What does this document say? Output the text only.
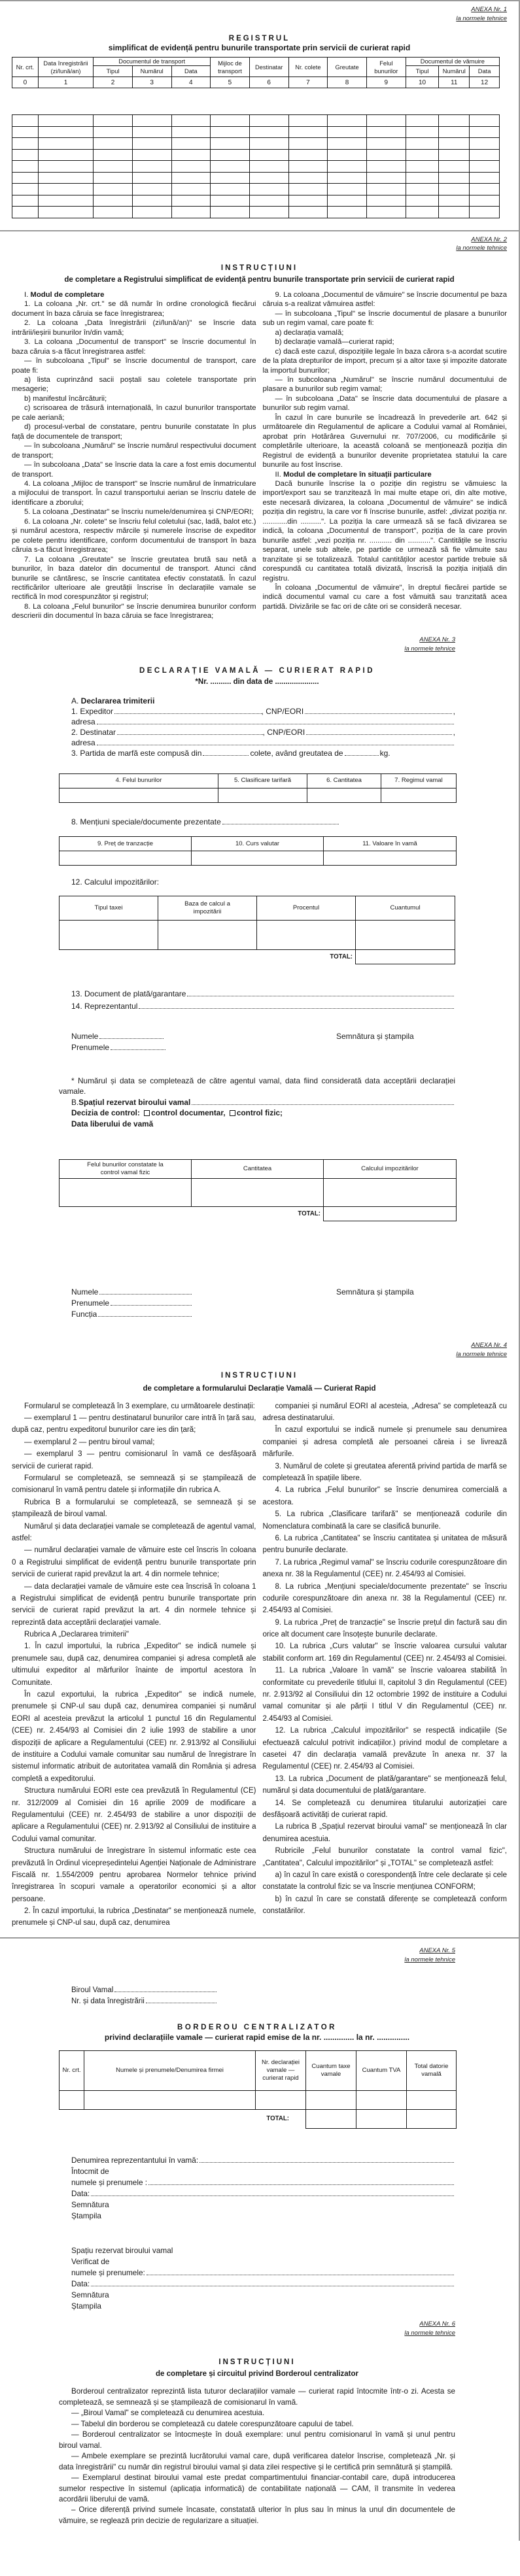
ANEXA Nr. 1
la normele tehnice
REGISTRUL
simplificat de evidență pentru bunurile transportate prin servicii de curierat rapid
Nr. crt.	Data înregistrării (zi/lună/an)	Documentul de transport			Mijloc de transport	Destinatar	Nr. colete	Greutate	Felul bunurilor	Documentul de vămuire		
		Tipul	Numărul	Data						Tipul	Numărul	Data
0	1	2	3	4	5	6	7	8	9	10	11	12

ANEXA Nr. 2
la normele tehnice
INSTRUCȚIUNI
de completare a Registrului simplificat de evidență pentru bunurile transportate prin servicii de curierat rapid

I. Modul de completare

1. La coloana „Nr. crt." se dă număr în ordine cronologică fiecărui document în baza căruia se face înregistrarea;

2. La coloana „Data înregistrării (zi/lună/an)" se înscrie data intrării/ieșirii bunurilor în/din vamă;

3. La coloana „Documentul de transport" se înscrie documentul în baza căruia s-a făcut înregistrarea astfel:

— în subcoloana „Tipul" se înscrie documentul de transport, care poate fi:

a) lista cuprinzând sacii poștali sau coletele transportate prin mesagerie;

b) manifestul încărcăturii;

c) scrisoarea de trăsură internațională, în cazul bunurilor transportate pe cale aeriană;

d) procesul-verbal de constatare, pentru bunurile constatate în plus față de documentele de transport;

— în subcoloana „Numărul" se înscrie numărul respectivului document de transport;

— în subcoloana „Data" se înscrie data la care a fost emis documentul de transport.

4. La coloana „Mijloc de transport" se înscrie numărul de înmatriculare a mijlocului de transport. În cazul transportului aerian se înscriu datele de identificare a zborului;

5. La coloana „Destinatar" se înscriu numele/denumirea și CNP/EORI;

6. La coloana „Nr. colete" se înscriu felul coletului (sac, ladă, balot etc.) și numărul acestora, respectiv mărcile și numerele înscrise de expeditor pe colete pentru identificare, conform documentului de transport în baza căruia s-a făcut înregistrarea;

7. La coloana „Greutate" se înscrie greutatea brută sau netă a bunurilor, în baza datelor din documentul de transport. Atunci când bunurile se cântăresc, se înscrie cantitatea efectiv constatată. În cazul rectificărilor ulterioare ale greutății înscrise în declarațiile vamale se rectifică în mod corespunzător și registrul;

8. La coloana „Felul bunurilor" se înscrie denumirea bunurilor conform descrierii din documentul în baza căruia se face înregistrarea;

9. La coloana „Documentul de vămuire" se înscrie documentul pe baza căruia s-a realizat vămuirea astfel:

— în subcoloana „Tipul" se înscrie documentul de plasare a bunurilor sub un regim vamal, care poate fi:

a) declarația vamală;

b) declarație vamală—curierat rapid;

c) dacă este cazul, dispozițiile legale în baza cărora s-a acordat scutire de la plata drepturilor de import, precum și a altor taxe și impozite datorate la importul bunurilor;

— în subcoloana „Numărul" se înscrie numărul documentului de plasare a bunurilor sub regim vamal;

— în subcoloana „Data" se înscrie data documentului de plasare a bunurilor sub regim vamal.

În cazul în care bunurile se încadrează în prevederile art. 642 și următoarele din Regulamentul de aplicare a Codului vamal al României, aprobat prin Hotărârea Guvernului nr. 707/2006, cu modificările și completările ulterioare, la această coloană se menționează poziția din Registrul de evidență a bunurilor devenite proprietatea statului la care bunurile au fost înscrise.

II. Modul de completare în situații particulare

Dacă bunurile înscrise la o poziție din registru se vămuiesc la import/export sau se tranzitează în mai multe etape ori, din alte motive, este necesară divizarea, la coloana „Documentul de vămuire" se indică poziția din registru, la care vor fi înscrise bunurile, astfel: „divizat poziția nr. ............din ..........". La poziția la care urmează să se facă divizarea se indică, la coloana „Documentul de transport", poziția de la care provin bunurile astfel: „vezi poziția nr. ........... din ...........". Cantitățile se înscriu separat, unele sub altele, pe partide ce urmează să fie vămuite sau tranzitate și se totalizează. Totalul cantităților acestor partide trebuie să corespundă cu cantitatea totală divizată, înscrisă la poziția inițială din registru.

În coloana „Documentul de vămuire", în dreptul fiecărei partide se indică documentul vamal cu care a fost vămuită sau tranzitată acea partidă. Divizările se fac ori de câte ori se consideră necesar.

ANEXA Nr. 3
la normele tehnice
DECLARAȚIE VAMALĂ — CURIERAT RAPID
*Nr. .......... din data de .....................
A. Declararea trimiterii
1. Expeditor	, CNP/EORI	,
adresa
2. Destinatar	, CNP/EORI	,
adresa
3. Partida de marfă este compusă din	colete, având greutatea de	kg.
4. Felul bunurilor	5. Clasificare tarifară	6. Cantitatea	7. Regimul vamal

8. Mențiuni speciale/documente prezentate
9. Preț de tranzacție	10. Curs valutar	11. Valoare în vamă

12. Calculul impozitărilor:
Tipul taxei	Baza de calcul a impozitării	Procentul	Cuantumul

TOTAL:			
13. Document de plată/garantare
14. Reprezentantul
Numele
Prenumele
Semnătura și ștampila

* Numărul și data se completează de către agentul vamal, data fiind considerată data acceptării declarației vamale.

B. Spațiul rezervat biroului vamal
Decizia de control: control documentar, control fizic;
Data liberului de vamă
Felul bunurilor constatate la control vamal fizic	Cantitatea	Calculul impozitărilor

TOTAL:		
Numele
Prenumele
Funcția
Semnătura și ștampila
ANEXA Nr. 4
la normele tehnice
INSTRUCȚIUNI
de completare a formularului Declarație Vamală — Curierat Rapid

Formularul se completează în 3 exemplare, cu următoarele destinații:

— exemplarul 1 — pentru destinatarul bunurilor care intră în țară sau, după caz, pentru expeditorul bunurilor care ies din țară;

— exemplarul 2 — pentru biroul vamal;

— exemplarul 3 — pentru comisionarul în vamă ce desfășoară servicii de curierat rapid.

Formularul se completează, se semnează și se ștampilează de comisionarul în vamă pentru datele și informațiile din rubrica A.

Rubrica B a formularului se completează, se semnează și se ștampilează de biroul vamal.

Numărul și data declarației vamale se completează de agentul vamal, astfel:

— numărul declarației vamale de vămuire este cel înscris în coloana 0 a Registrului simplificat de evidență pentru bunurile transportate prin servicii de curierat rapid prevăzut la art. 4 din normele tehnice;

— data declarației vamale de vămuire este cea înscrisă în coloana 1 a Registrului simplificat de evidență pentru bunurile transportate prin servicii de curierat rapid prevăzut la art. 4 din normele tehnice și reprezintă data acceptării declarației vamale.

Rubrica A „Declararea trimiterii"

1. În cazul importului, la rubrica „Expeditor" se indică numele și prenumele sau, după caz, denumirea companiei și adresa completă ale ultimului expeditor al mărfurilor înainte de importul acestora în Comunitate.

În cazul exportului, la rubrica „Expeditor" se indică numele, prenumele și CNP-ul sau după caz, denumirea companiei și numărul EORI al acesteia prevăzut la articolul 1 punctul 16 din Regulamentul (CEE) nr. 2.454/93 al Comisiei din 2 iulie 1993 de stabilire a unor dispoziții de aplicare a Regulamentului (CEE) nr. 2.913/92 al Consiliului de instituire a Codului vamale comunitar sau numărul de înregistrare în sistemul informatic atribuit de autoritatea vamală din România și adresa completă a expeditorului.

Structura numărului EORI este cea prevăzută în Regulamentul (CE) nr. 312/2009 al Comisiei din 16 aprilie 2009 de modificare a Regulamentului (CEE) nr. 2.454/93 de stabilire a unor dispoziții de aplicare a Regulamentului (CEE) nr. 2.913/92 al Consiliului de instituire a Codului vamal comunitar.

Structura numărului de înregistrare în sistemul informatic este cea prevăzută în Ordinul vicepreședintelui Agenției Naționale de Administrare Fiscală nr. 1.554/2009 pentru aprobarea Normelor tehnice privind înregistrarea în scopuri vamale a operatorilor economici și a altor persoane.

2. În cazul importului, la rubrica „Destinatar" se menționează numele, prenumele și CNP-ul sau, după caz, denumirea

companiei și numărul EORI al acesteia, „Adresa" se completează cu adresa destinatarului.

În cazul exportului se indică numele și prenumele sau denumirea companiei și adresa completă ale persoanei căreia i se livrează mărfurile.

3. Numărul de colete și greutatea aferentă privind partida de marfă se completează în spațiile libere.

4. La rubrica „Felul bunurilor" se înscrie denumirea comercială a acestora.

5. La rubrica „Clasificare tarifară" se menționează codurile din Nomenclatura combinată la care se clasifică bunurile.

6. La rubrica „Cantitatea" se înscriu cantitatea și unitatea de măsură pentru bunurile declarate.

7. La rubrica „Regimul vamal" se înscriu codurile corespunzătoare din anexa nr. 38 la Regulamentul (CEE) nr. 2.454/93 al Comisiei.

8. La rubrica „Mențiuni speciale/documente prezentate" se înscriu codurile corespunzătoare din anexa nr. 38 la Regulamentul (CEE) nr. 2.454/93 al Comisiei.

9. La rubrica „Preț de tranzacție" se înscrie prețul din factură sau din orice alt document care însoțește bunurile declarate.

10. La rubrica „Curs valutar" se înscrie valoarea cursului valutar stabilit conform art. 169 din Regulamentul (CEE) nr. 2.454/93 al Comisiei.

11. La rubrica „Valoare în vamă" se înscrie valoarea stabilită în conformitate cu prevederile titlului II, capitolul 3 din Regulamentul (CEE) nr. 2.913/92 al Consiliului din 12 octombrie 1992 de instituire a Codului vamal comunitar și ale părții I titlul V din Regulamentul (CEE) nr. 2.454/93 al Comisiei.

12. La rubrica „Calculul impozitărilor" se respectă indicațiile (Se efectuează calculul potrivit indicațiilor.) privind modul de completare a casetei 47 din declarația vamală prevăzute în anexa nr. 37 la Regulamentul (CEE) nr. 2.454/93 al Comisiei.

13. La rubrica „Document de plată/garantare" se menționează felul, numărul și data documentului de plată/garantare.

14. Se completează cu denumirea titularului autorizației care desfășoară activități de curierat rapid.

La rubrica B „Spațiul rezervat biroului vamal" se menționează în clar denumirea acestuia.

Rubricile „Felul bunurilor constatate la control vamal fizic", „Cantitatea", Calculul impozitărilor" și „TOTAL" se completează astfel:

a) în cazul în care există o corespondență între cele declarate și cele constatate la controlul fizic se va înscrie mențiunea CONFORM;

b) în cazul în care se constată diferențe se completează conform constatărilor.

ANEXA Nr. 5
la normele tehnice
Biroul Vamal
Nr. și data înregistrării
BORDEROU CENTRALIZATOR
privind declarațiile vamale — curierat rapid emise de la nr. .............. la nr. ...............
Nr. crt.	Numele și prenumele/Denumirea firmei	Nr. declarației vamale — curierat rapid	Cuantum taxe vamale	Cuantum TVA	Total datorie vamală

TOTAL:					
Denumirea reprezentantului în vamă:
Întocmit de
numele și prenumele :
Data:
Semnătura
Ștampila
Spațiu rezervat biroului vamal
Verificat de
numele și prenumele:
Data:
Semnătura
Ștampila
ANEXA Nr. 6
la normele tehnice
INSTRUCȚIUNI
de completare și circuitul privind Borderoul centralizator

Borderoul centralizator reprezintă lista tuturor declarațiilor vamale — curierat rapid întocmite într-o zi. Acesta se completează, se semnează și se ștampilează de comisionarul în vamă.

— „Biroul Vamal" se completează cu denumirea acestuia.

— Tabelul din borderou se completează cu datele corespunzătoare capului de tabel.

— Borderoul centralizator se întocmește în două exemplare: unul pentru comisionarul în vamă și unul pentru biroul vamal.

— Ambele exemplare se prezintă lucrătorului vamal care, după verificarea datelor înscrise, completează „Nr. și data înregistrării" cu număr din registrul biroului vamal și data zilei respective și le certifică prin semnătură și ștampilă.

— Exemplarul destinat biroului vamal este predat compartimentului financiar-contabil care, după introducerea sumelor respective în sistemul (aplicația informatică) de contabilitate națională — CAM, îl transmite în vederea acordării liberului de vamă.

– Orice diferență privind sumele încasate, constatată ulterior în plus sau în minus la unul din documentele de vămuire, se reglează prin decizie de regularizare a situației.
